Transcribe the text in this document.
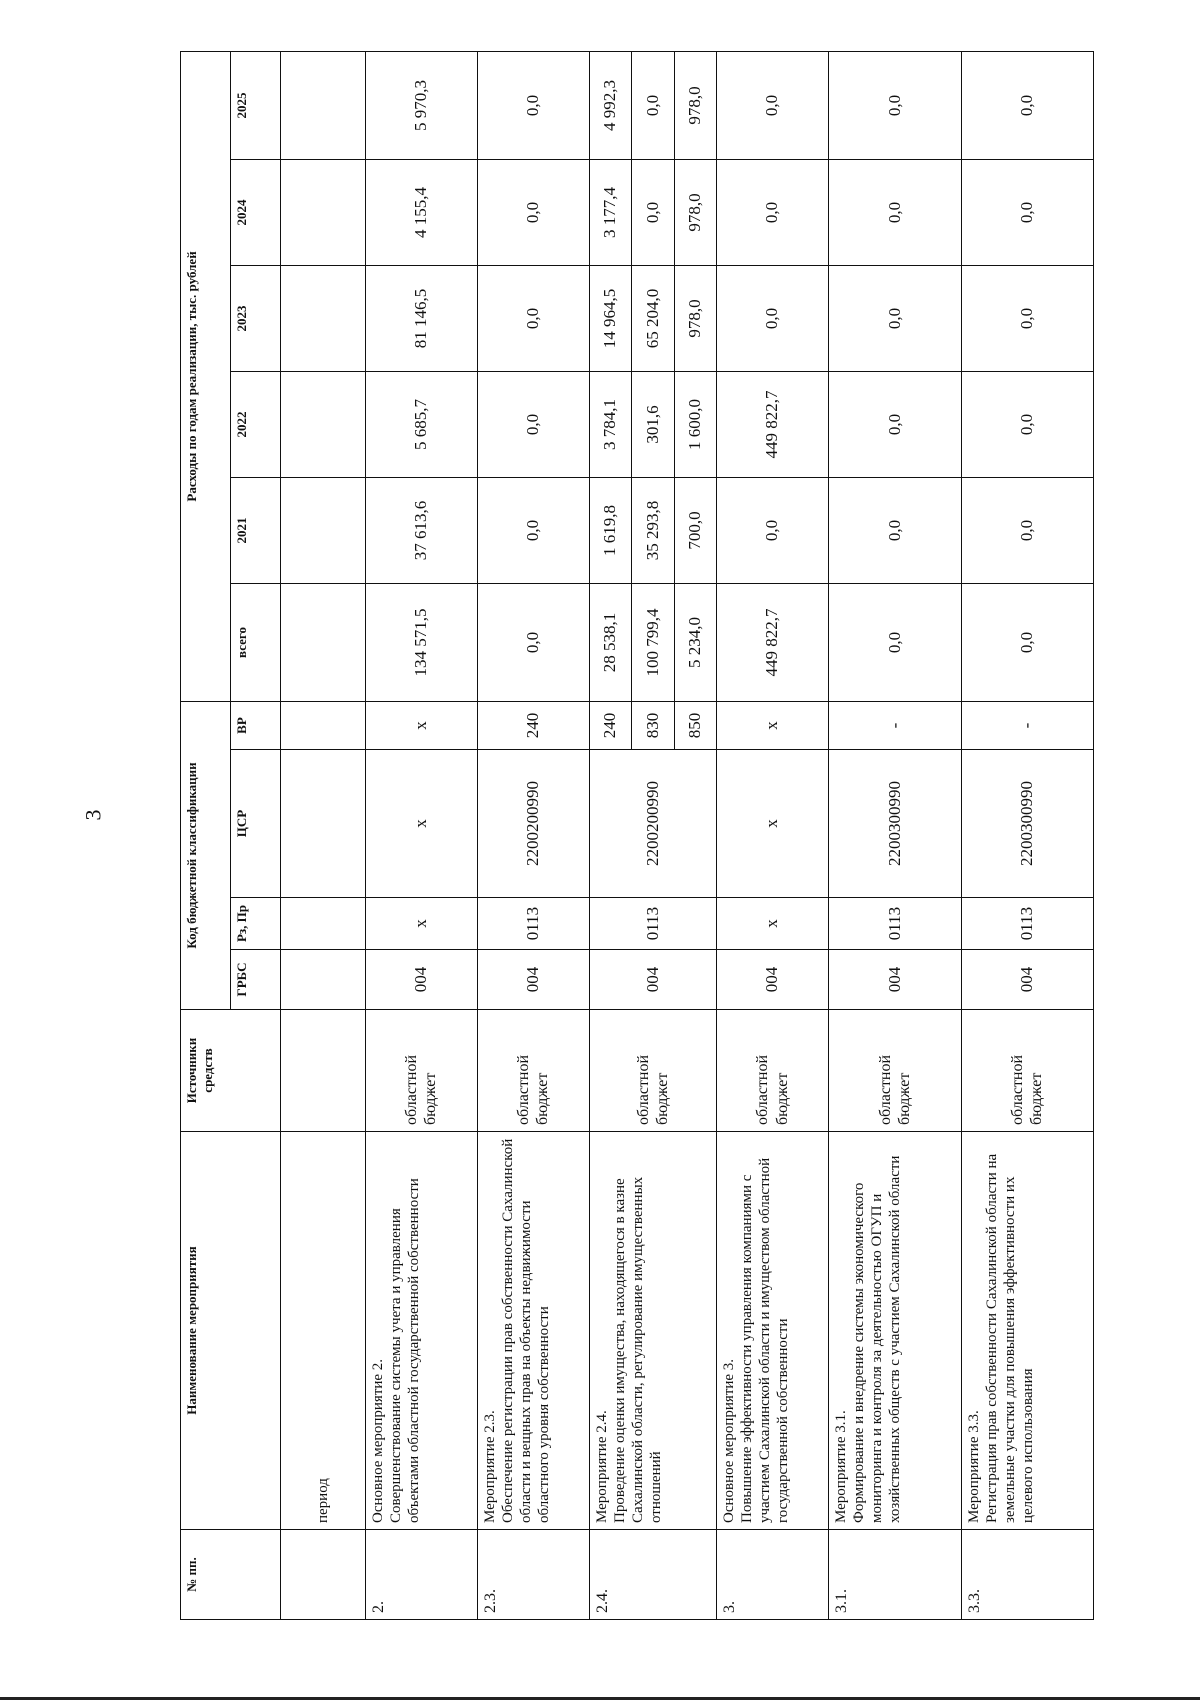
3
№ пп.	Наименование мероприятия	Источники средств	Код бюджетной классификации				Расходы по годам реализации, тыс. рублей					
			ГРБС	Рз, Пр	ЦСР	ВР	всего	2021	2022	2023	2024	2025
	период											
2.	Основное мероприятие 2. Совершенствование системы учета и управления объектами областной государственной собственности	областной бюджет	004	х	х	х	134 571,5	37 613,6	5 685,7	81 146,5	4 155,4	5 970,3
2.3.	Мероприятие 2.3. Обеспечение регистрации прав собственности Сахалинской области и вещных прав на объекты недвижимости областного уровня собственности	областной бюджет	004	0113	2200200990	240	0,0	0,0	0,0	0,0	0,0	0,0
2.4.	Мероприятие 2.4. Проведение оценки имущества, находящегося в казне Сахалинской области, регулирование имущественных отношений	областной бюджет	004	0113	2200200990	240	28 538,1	1 619,8	3 784,1	14 964,5	3 177,4	4 992,3
						830	100 799,4	35 293,8	301,6	65 204,0	0,0	0,0
						850	5 234,0	700,0	1 600,0	978,0	978,0	978,0
3.	Основное мероприятие 3. Повышение эффективности управления компаниями с участием Сахалинской области и имуществом областной государственной собственности	областной бюджет	004	х	х	х	449 822,7	0,0	449 822,7	0,0	0,0	0,0
3.1.	Мероприятие 3.1. Формирование и внедрение системы экономического мониторинга и контроля за деятельностью ОГУП и хозяйственных обществ с участием Сахалинской области	областной бюджет	004	0113	2200300990	-	0,0	0,0	0,0	0,0	0,0	0,0
3.3.	Мероприятие 3.3. Регистрация прав собственности Сахалинской области на земельные участки для повышения эффективности их целевого использования	областной бюджет	004	0113	2200300990	-	0,0	0,0	0,0	0,0	0,0	0,0
